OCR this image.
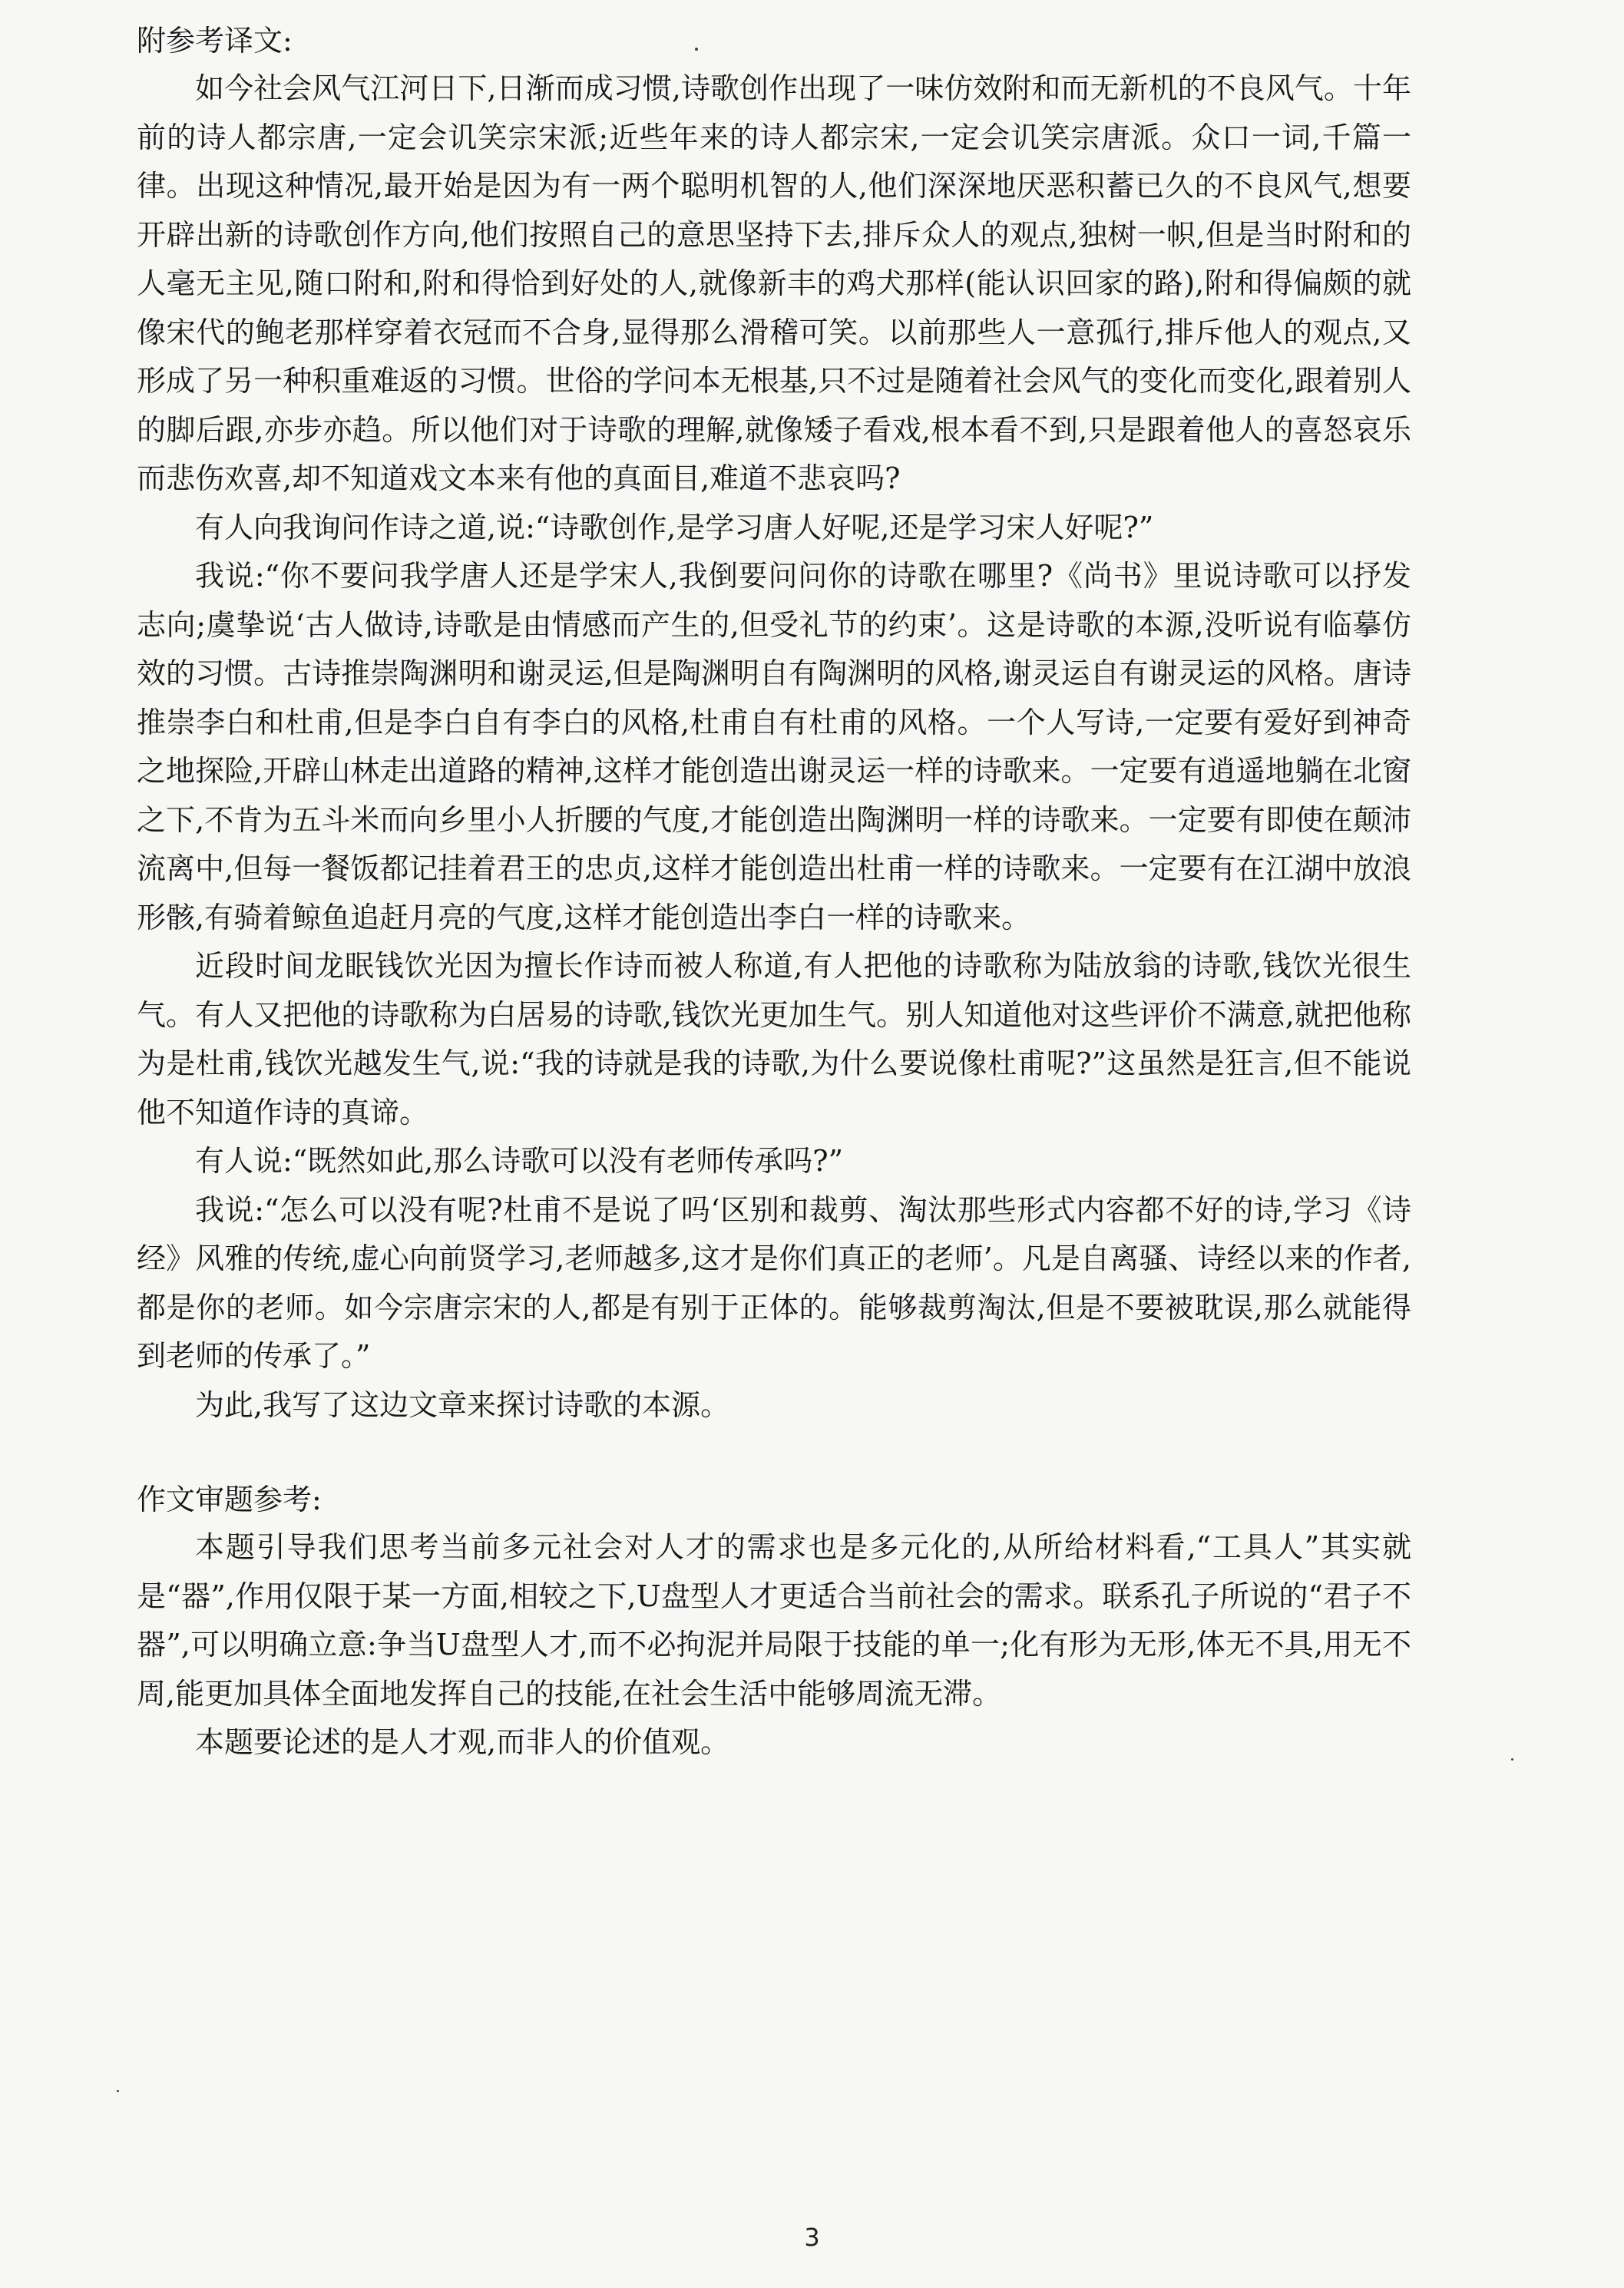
附参考译文:

如今社会风气江河日下,日渐而成习惯,诗歌创作出现了一味仿效附和而无新机的不良风气。十年前的诗人都宗唐,一定会讥笑宗宋派;近些年来的诗人都宗宋,一定会讥笑宗唐派。众口一词,千篇一律。出现这种情况,最开始是因为有一两个聪明机智的人,他们深深地厌恶积蓄已久的不良风气,想要开辟出新的诗歌创作方向,他们按照自己的意思坚持下去,排斥众人的观点,独树一帜,但是当时附和的人毫无主见,随口附和,附和得恰到好处的人,就像新丰的鸡犬那样(能认识回家的路),附和得偏颇的就像宋代的鲍老那样穿着衣冠而不合身,显得那么滑稽可笑。以前那些人一意孤行,排斥他人的观点,又形成了另一种积重难返的习惯。世俗的学问本无根基,只不过是随着社会风气的变化而变化,跟着别人的脚后跟,亦步亦趋。所以他们对于诗歌的理解,就像矮子看戏,根本看不到,只是跟着他人的喜怒哀乐而悲伤欢喜,却不知道戏文本来有他的真面目,难道不悲哀吗?

有人向我询问作诗之道,说:“诗歌创作,是学习唐人好呢,还是学习宋人好呢?”

我说:“你不要问我学唐人还是学宋人,我倒要问问你的诗歌在哪里?《尚书》里说诗歌可以抒发志向;虞挚说‘古人做诗,诗歌是由情感而产生的,但受礼节的约束’。这是诗歌的本源,没听说有临摹仿效的习惯。古诗推崇陶渊明和谢灵运,但是陶渊明自有陶渊明的风格,谢灵运自有谢灵运的风格。唐诗推崇李白和杜甫,但是李白自有李白的风格,杜甫自有杜甫的风格。一个人写诗,一定要有爱好到神奇之地探险,开辟山林走出道路的精神,这样才能创造出谢灵运一样的诗歌来。一定要有逍遥地躺在北窗之下,不肯为五斗米而向乡里小人折腰的气度,才能创造出陶渊明一样的诗歌来。一定要有即使在颠沛流离中,但每一餐饭都记挂着君王的忠贞,这样才能创造出杜甫一样的诗歌来。一定要有在江湖中放浪形骸,有骑着鲸鱼追赶月亮的气度,这样才能创造出李白一样的诗歌来。

近段时间龙眠钱饮光因为擅长作诗而被人称道,有人把他的诗歌称为陆放翁的诗歌,钱饮光很生气。有人又把他的诗歌称为白居易的诗歌,钱饮光更加生气。别人知道他对这些评价不满意,就把他称为是杜甫,钱饮光越发生气,说:“我的诗就是我的诗歌,为什么要说像杜甫呢?”这虽然是狂言,但不能说他不知道作诗的真谛。

有人说:“既然如此,那么诗歌可以没有老师传承吗?”

我说:“怎么可以没有呢?杜甫不是说了吗‘区别和裁剪、淘汰那些形式内容都不好的诗,学习《诗经》风雅的传统,虚心向前贤学习,老师越多,这才是你们真正的老师’。凡是自离骚、诗经以来的作者,都是你的老师。如今宗唐宗宋的人,都是有别于正体的。能够裁剪淘汰,但是不要被耽误,那么就能得到老师的传承了。”

为此,我写了这边文章来探讨诗歌的本源。

作文审题参考:

本题引导我们思考当前多元社会对人才的需求也是多元化的,从所给材料看,“工具人”其实就是“器”,作用仅限于某一方面,相较之下,U盘型人才更适合当前社会的需求。联系孔子所说的“君子不器”,可以明确立意:争当U盘型人才,而不必拘泥并局限于技能的单一;化有形为无形,体无不具,用无不周,能更加具体全面地发挥自己的技能,在社会生活中能够周流无滞。

本题要论述的是人才观,而非人的价值观。

3
